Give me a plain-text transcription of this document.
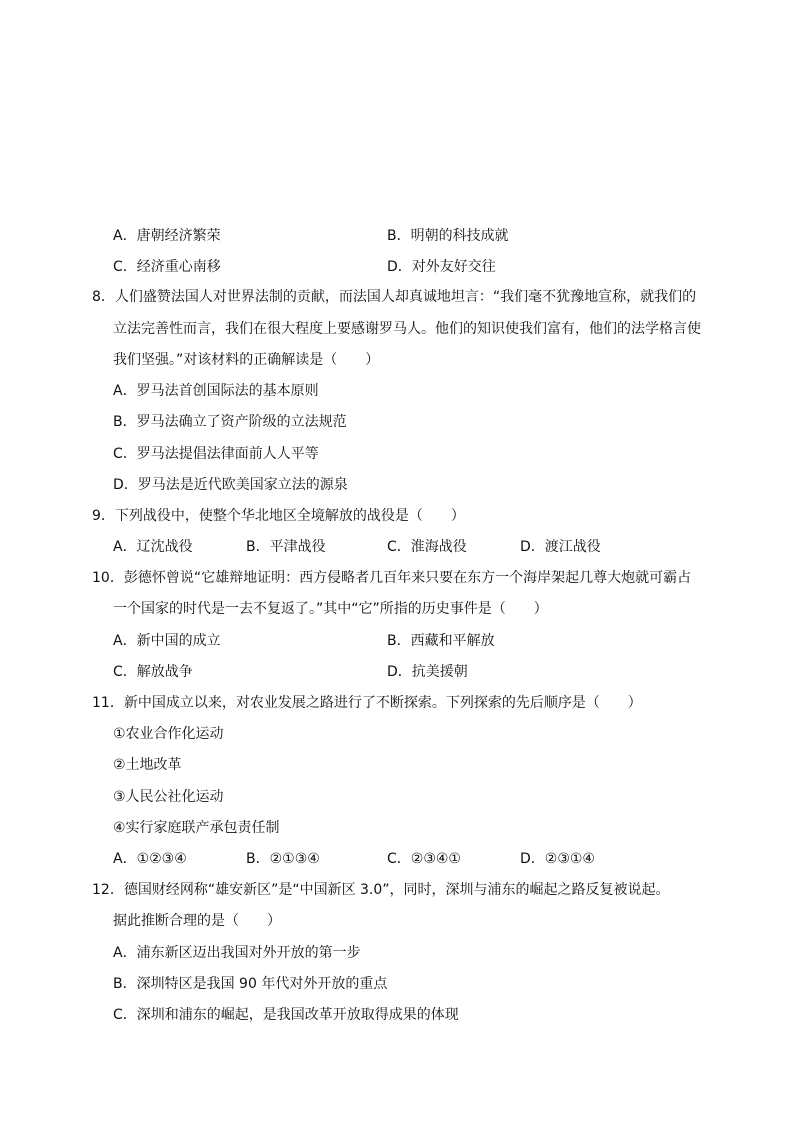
A．唐朝经济繁荣	B．明朝的科技成就
C．经济重心南移	D．对外友好交往
8．人们盛赞法国人对世界法制的贡献，而法国人却真诚地坦言：“我们毫不犹豫地宣称，就我们的
立法完善性而言，我们在很大程度上要感谢罗马人。他们的知识使我们富有，他们的法学格言使
我们坚强。”对该材料的正确解读是（　　）
A．罗马法首创国际法的基本原则
B．罗马法确立了资产阶级的立法规范
C．罗马法提倡法律面前人人平等
D．罗马法是近代欧美国家立法的源泉
9．下列战役中，使整个华北地区全境解放的战役是（　　）
A．辽沈战役	B．平津战役	C．淮海战役	D．渡江战役
10．彭德怀曾说“它雄辩地证明：西方侵略者几百年来只要在东方一个海岸架起几尊大炮就可霸占
一个国家的时代是一去不复返了。”其中“它”所指的历史事件是（　　）
A．新中国的成立	B．西藏和平解放
C．解放战争	D．抗美援朝
11．新中国成立以来，对农业发展之路进行了不断探索。下列探索的先后顺序是（　　）
①农业合作化运动
②土地改革
③人民公社化运动
④实行家庭联产承包责任制
A．①②③④	B．②①③④	C．②③④①	D．②③①④
12．德国财经网称“雄安新区”是“中国新区 3.0”，同时，深圳与浦东的崛起之路反复被说起。
据此推断合理的是（　　）
A．浦东新区迈出我国对外开放的第一步
B．深圳特区是我国 90 年代对外开放的重点
C．深圳和浦东的崛起，是我国改革开放取得成果的体现
